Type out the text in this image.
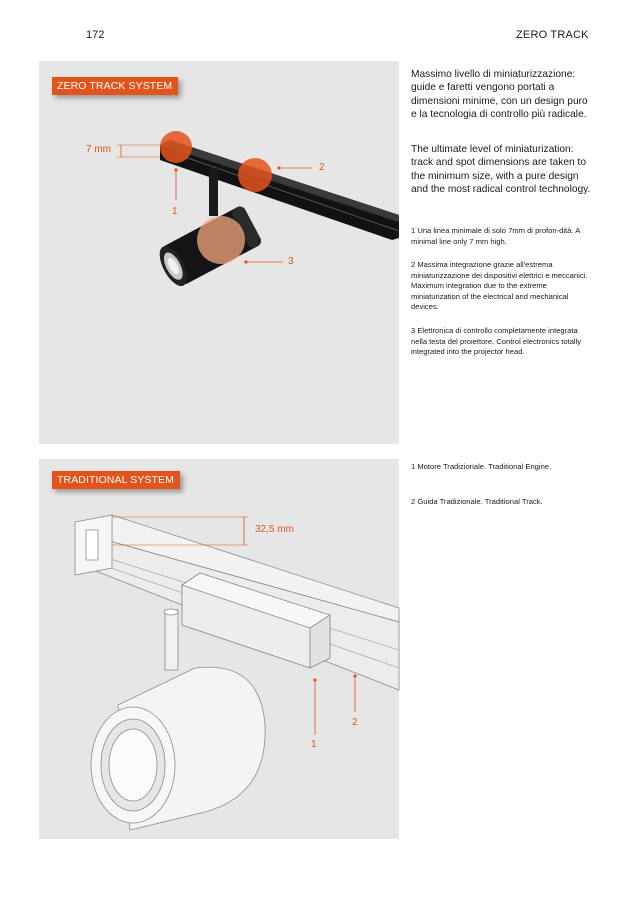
172	ZERO TRACK
ZERO TRACK SYSTEM
TRADITIONAL SYSTEM
7 mm
1
2
3
32,5 mm
1
2
Massimo livello di miniaturizzazione: guide e faretti vengono portati a dimensioni minime, con un design puro e la tecnologia di controllo più radicale.
The ultimate level of miniaturization: track and spot dimensions are taken to the minimum size, with a pure design and the most radical control technology.
1 Una linea minimale di solo 7mm di profon-dità. A minimal line only 7 mm high.
2 Massima integrazione grazie all'estrema miniaturizzazione dei dispositivi elettrici e meccanici. Maximum integration due to the extreme miniaturization of the electrical and mechanical devices.
3 Elettronica di controllo completamente integrata nella testa del proiettore. Control electronics totally integrated into the projector head.
1 Motore Tradizionale. Traditional Engine.
2 Guida Tradizionale. Traditional Track.
